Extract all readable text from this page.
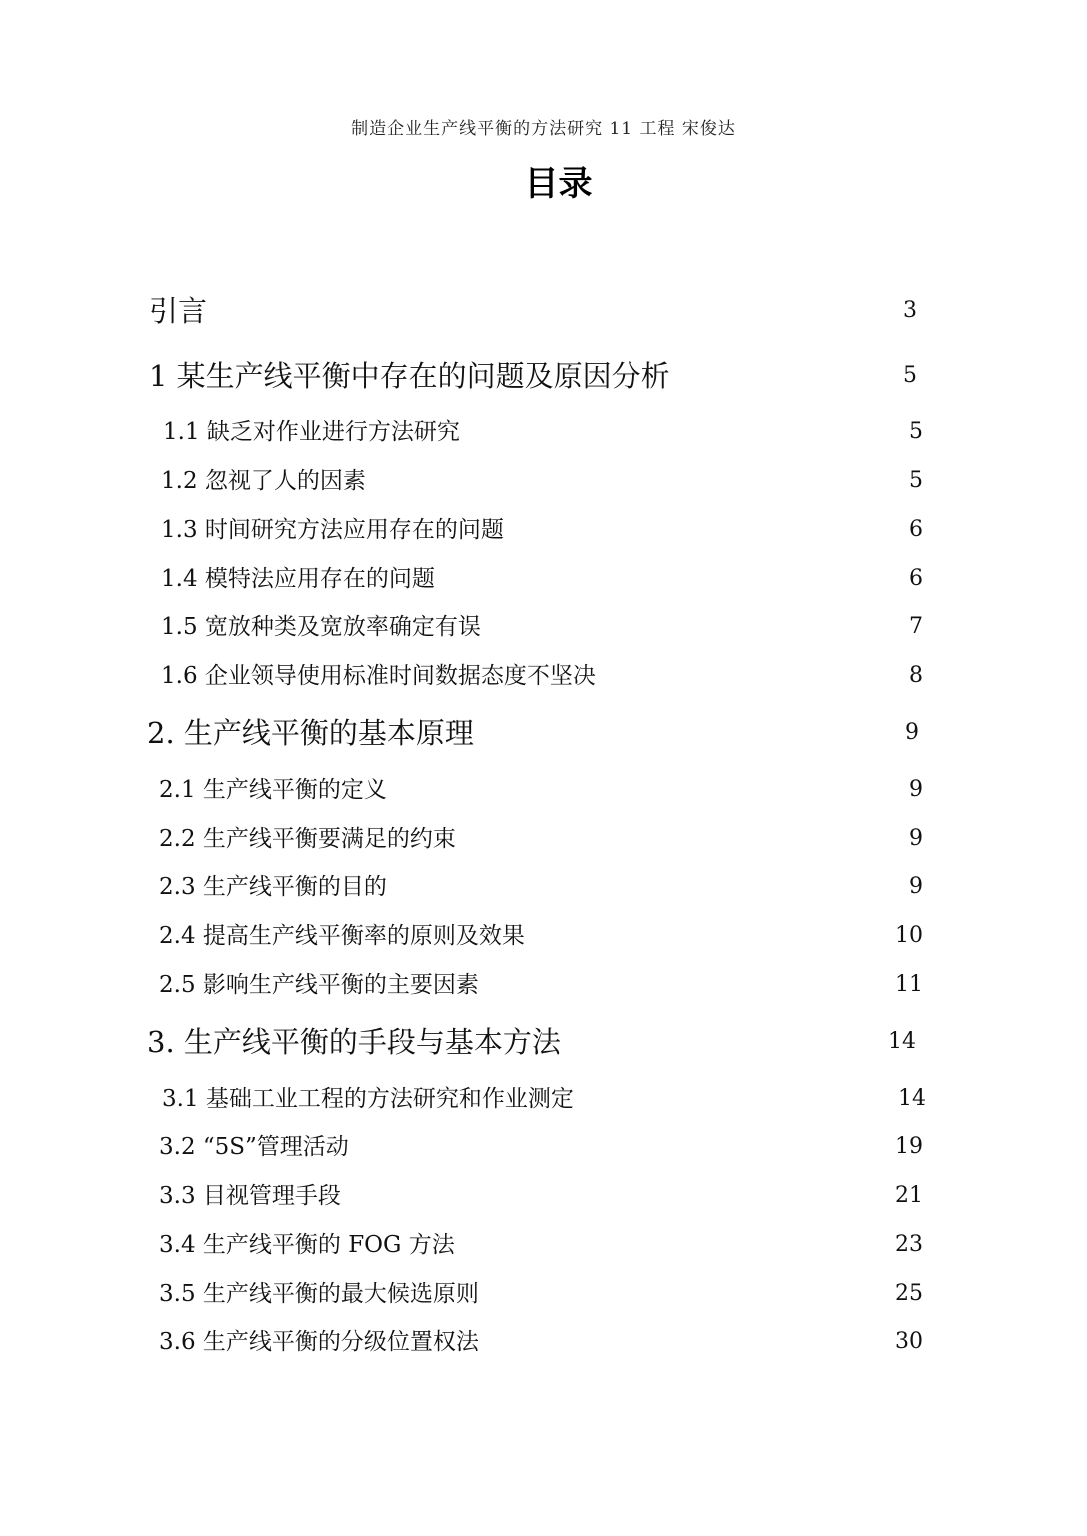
制造企业生产线平衡的方法研究 11 工程 宋俊达
目录
引言	3
1 某生产线平衡中存在的问题及原因分析	5
1.1 缺乏对作业进行方法研究	5
1.2 忽视了人的因素	5
1.3 时间研究方法应用存在的问题	6
1.4 模特法应用存在的问题	6
1.5 宽放种类及宽放率确定有误	7
1.6 企业领导使用标准时间数据态度不坚决	8
2. 生产线平衡的基本原理	9
2.1 生产线平衡的定义	9
2.2 生产线平衡要满足的约束	9
2.3 生产线平衡的目的	9
2.4 提高生产线平衡率的原则及效果	10
2.5 影响生产线平衡的主要因素	11
3. 生产线平衡的手段与基本方法	14
3.1 基础工业工程的方法研究和作业测定	14
3.2 “5S”管理活动	19
3.3 目视管理手段	21
3.4 生产线平衡的 FOG 方法	23
3.5 生产线平衡的最大候选原则	25
3.6 生产线平衡的分级位置权法	30
